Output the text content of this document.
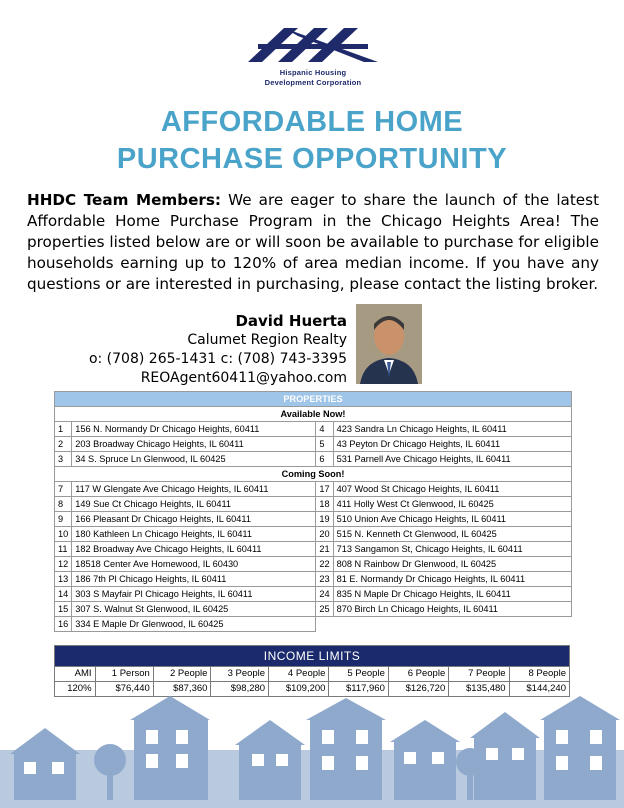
Hispanic Housing
Development Corporation
AFFORDABLE HOME
PURCHASE OPPORTUNITY
HHDC Team Members: We are eager to share the launch of the latest Affordable Home Purchase Program in the Chicago Heights Area! The properties listed below are or will soon be available to purchase for eligible households earning up to 120% of area median income. If you have any questions or are interested in purchasing, please contact the listing broker.
David Huerta
Calumet Region Realty
o: (708) 265-1431 c: (708) 743-3395
REOAgent60411@yahoo.com
PROPERTIES			
Available Now!			
1	156 N. Normandy Dr Chicago Heights, 60411	4	423 Sandra Ln Chicago Heights, IL 60411
2	203 Broadway Chicago Heights, IL 60411	5	43 Peyton Dr Chicago Heights, IL 60411
3	34 S. Spruce Ln Glenwood, IL 60425	6	531 Parnell Ave Chicago Heights, IL 60411
Coming Soon!			
7	117 W Glengate Ave Chicago Heights, IL 60411	17	407 Wood St Chicago Heights, IL 60411
8	149 Sue Ct Chicago Heights, IL 60411	18	411 Holly West Ct Glenwood, IL 60425
9	166 Pleasant Dr Chicago Heights, IL 60411	19	510 Union Ave Chicago Heights, IL 60411
10	180 Kathleen Ln Chicago Heights, IL 60411	20	515 N. Kenneth Ct Glenwood, IL 60425
11	182 Broadway Ave Chicago Heights, IL 60411	21	713 Sangamon St, Chicago Heights, IL 60411
12	18518 Center Ave Homewood, IL 60430	22	808 N Rainbow Dr Glenwood, IL 60425
13	186 7th Pl Chicago Heights, IL 60411	23	81 E. Normandy Dr Chicago Heights, IL 60411
14	303 S Mayfair Pl Chicago Heights, IL 60411	24	835 N Maple Dr Chicago Heights, IL 60411
15	307 S. Walnut St Glenwood, IL 60425	25	870 Birch Ln Chicago Heights, IL 60411
16	334 E Maple Dr Glenwood, IL 60425		
INCOME LIMITS								
AMI	1 Person	2 People	3 People	4 People	5 People	6 People	7 People	8 People
120%	$76,440	$87,360	$98,280	$109,200	$117,960	$126,720	$135,480	$144,240
